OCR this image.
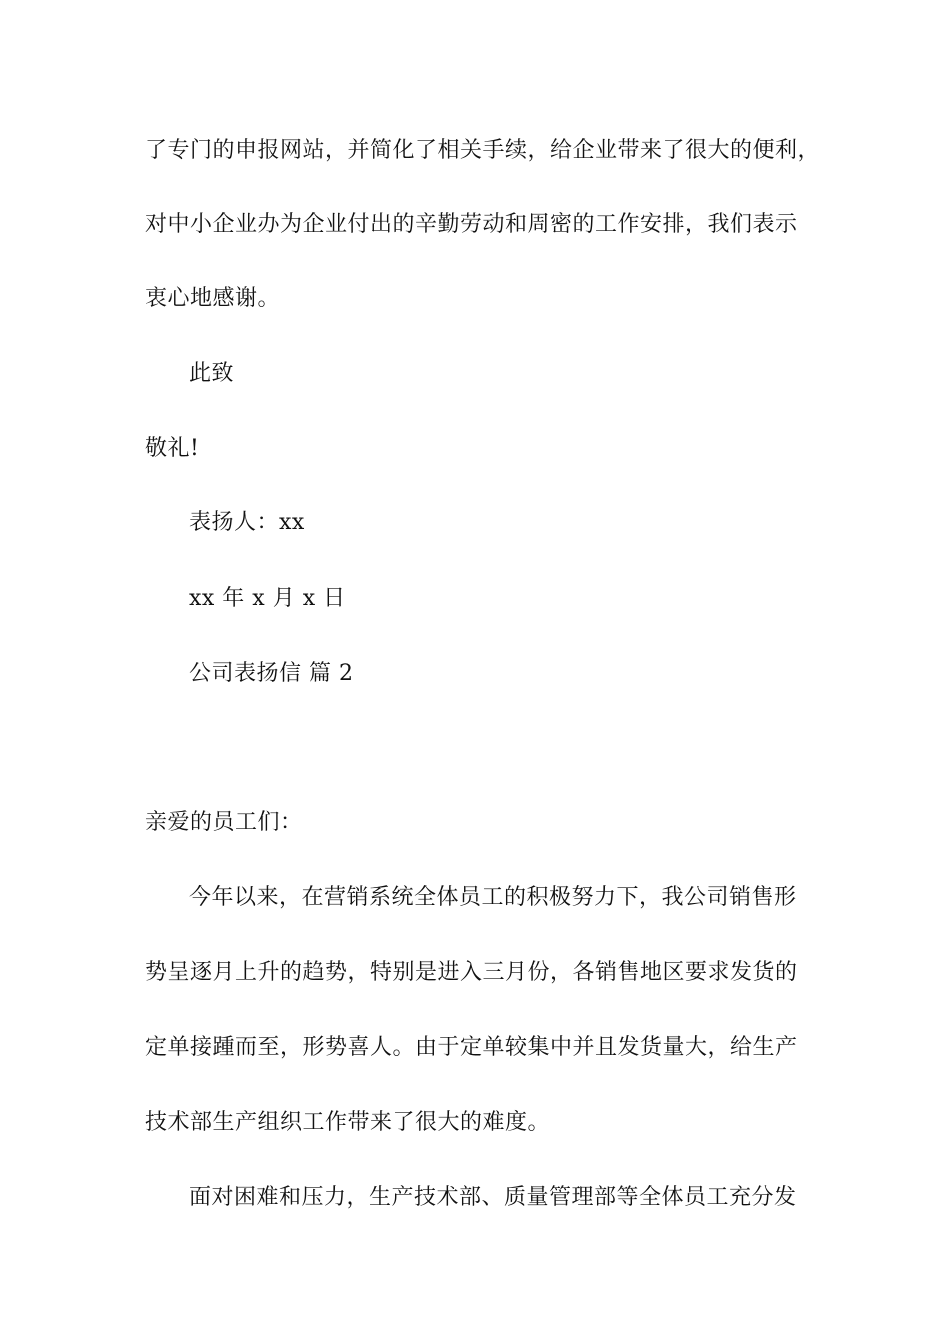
了专门的申报网站，并简化了相关手续，给企业带来了很大的便利，
对中小企业办为企业付出的辛勤劳动和周密的工作安排，我们表示
衷心地感谢。
此致
敬礼!
表扬人：xx
xx 年 x 月 x 日
公司表扬信 篇 2
亲爱的员工们：
今年以来，在营销系统全体员工的积极努力下，我公司销售形
势呈逐月上升的趋势，特别是进入三月份，各销售地区要求发货的
定单接踵而至，形势喜人。由于定单较集中并且发货量大，给生产
技术部生产组织工作带来了很大的难度。
面对困难和压力，生产技术部、质量管理部等全体员工充分发
